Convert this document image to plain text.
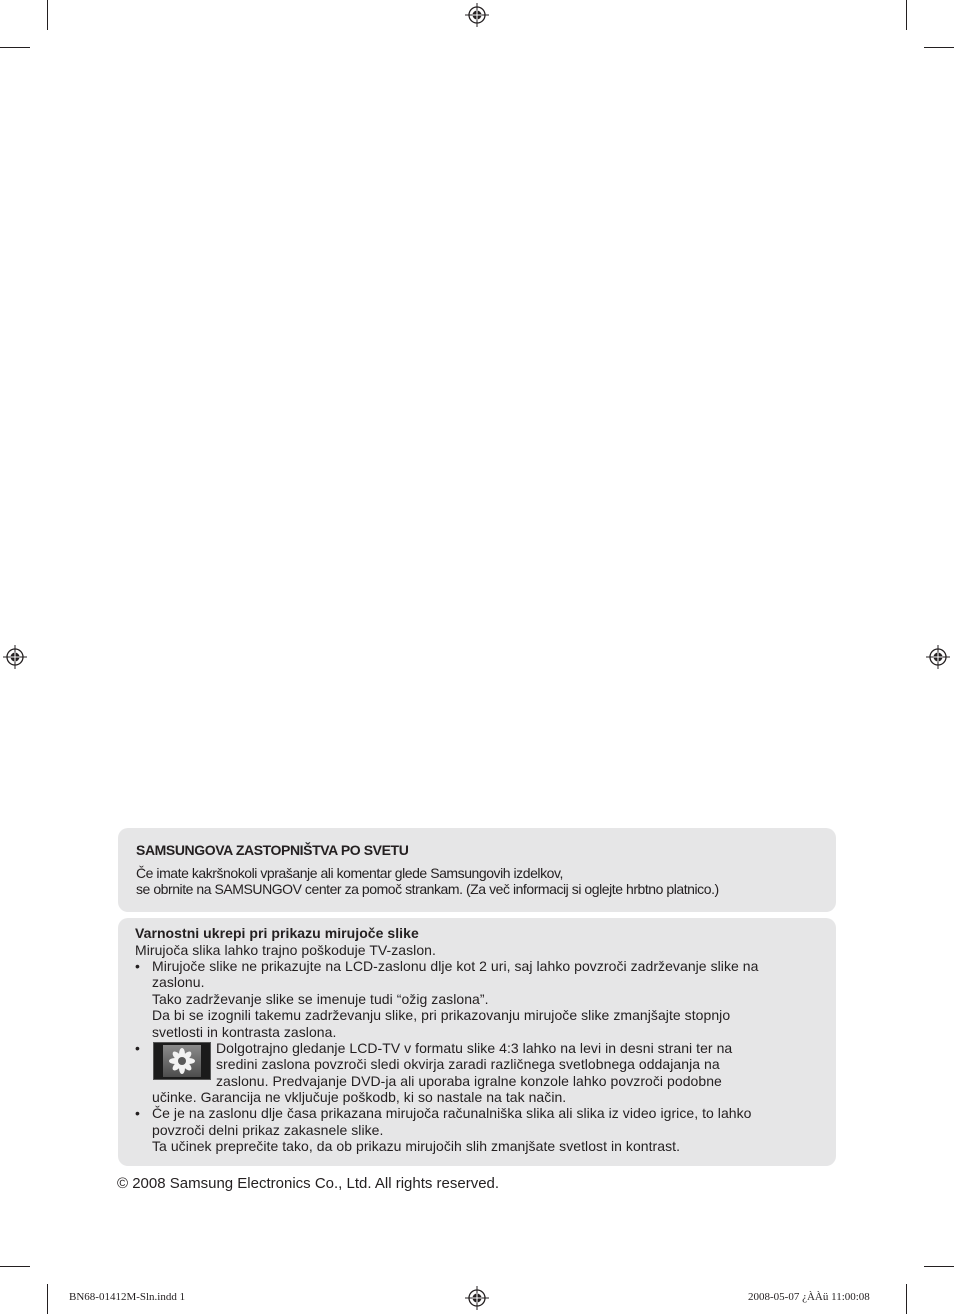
SAMSUNGOVA ZASTOPNIŠTVA PO SVETU
Če imate kakršnokoli vprašanje ali komentar glede Samsungovih izdelkov,
se obrnite na SAMSUNGOV center za pomoč strankam. (Za več informacij si oglejte hrbtno platnico.)
Varnostni ukrepi pri prikazu mirujoče slike
Mirujoča slika lahko trajno poškoduje TV-zaslon.
• Mirujoče slike ne prikazujte na LCD-zaslonu dlje kot 2 uri, saj lahko povzroči zadrževanje slike na
zaslonu.
Tako zadrževanje slike se imenuje tudi “ožig zaslona”.
Da bi se izognili takemu zadrževanju slike, pri prikazovanju mirujoče slike zmanjšajte stopnjo
svetlosti in kontrasta zaslona.
•	Dolgotrajno gledanje LCD-TV v formatu slike 4:3 lahko na levi in desni strani ter na
sredini zaslona povzroči sledi okvirja zaradi različnega svetlobnega oddajanja na
zaslonu. Predvajanje DVD-ja ali uporaba igralne konzole lahko povzroči podobne
učinke. Garancija ne vključuje poškodb, ki so nastale na tak način.
• Če je na zaslonu dlje časa prikazana mirujoča računalniška slika ali slika iz video igrice, to lahko
povzroči delni prikaz zakasnele slike.
Ta učinek preprečite tako, da ob prikazu mirujočih slih zmanjšate svetlost in kontrast.
© 2008 Samsung Electronics Co., Ltd. All rights reserved.
BN68-01412M-Sln.indd 1	2008-05-07 ¿ÀÀü 11:00:08
